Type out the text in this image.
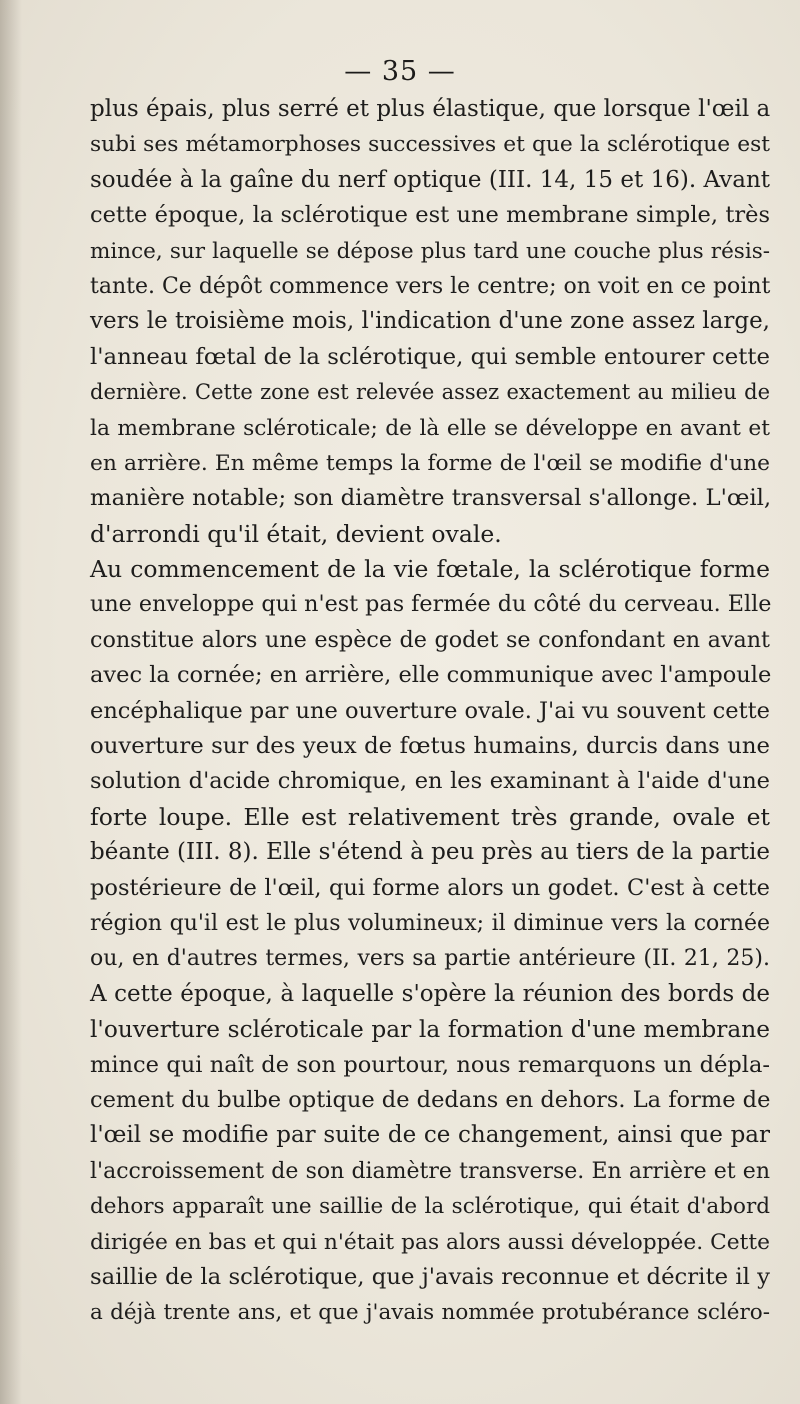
— 35 —
plus épais, plus serré et plus élastique, que lorsque l'œil a
subi ses métamorphoses successives et que la sclérotique est
soudée à la gaîne du nerf optique (III. 14, 15 et 16). Avant
cette époque, la sclérotique est une membrane simple, très
mince, sur laquelle se dépose plus tard une couche plus résis-
tante. Ce dépôt commence vers le centre; on voit en ce point
vers le troisième mois, l'indication d'une zone assez large,
l'anneau fœtal de la sclérotique, qui semble entourer cette
dernière. Cette zone est relevée assez exactement au milieu de
la membrane scléroticale; de là elle se développe en avant et
en arrière. En même temps la forme de l'œil se modifie d'une
manière notable; son diamètre transversal s'allonge. L'œil,
d'arrondi qu'il était, devient ovale.
Au commencement de la vie fœtale, la sclérotique forme
une enveloppe qui n'est pas fermée du côté du cerveau. Elle
constitue alors une espèce de godet se confondant en avant
avec la cornée; en arrière, elle communique avec l'ampoule
encéphalique par une ouverture ovale. J'ai vu souvent cette
ouverture sur des yeux de fœtus humains, durcis dans une
solution d'acide chromique, en les examinant à l'aide d'une
forte loupe. Elle est relativement très grande, ovale et
béante (III. 8). Elle s'étend à peu près au tiers de la partie
postérieure de l'œil, qui forme alors un godet. C'est à cette
région qu'il est le plus volumineux; il diminue vers la cornée
ou, en d'autres termes, vers sa partie antérieure (II. 21, 25).
A cette époque, à laquelle s'opère la réunion des bords de
l'ouverture scléroticale par la formation d'une membrane
mince qui naît de son pourtour, nous remarquons un dépla-
cement du bulbe optique de dedans en dehors. La forme de
l'œil se modifie par suite de ce changement, ainsi que par
l'accroissement de son diamètre transverse. En arrière et en
dehors apparaît une saillie de la sclérotique, qui était d'abord
dirigée en bas et qui n'était pas alors aussi développée. Cette
saillie de la sclérotique, que j'avais reconnue et décrite il y
a déjà trente ans, et que j'avais nommée protubérance scléro-
